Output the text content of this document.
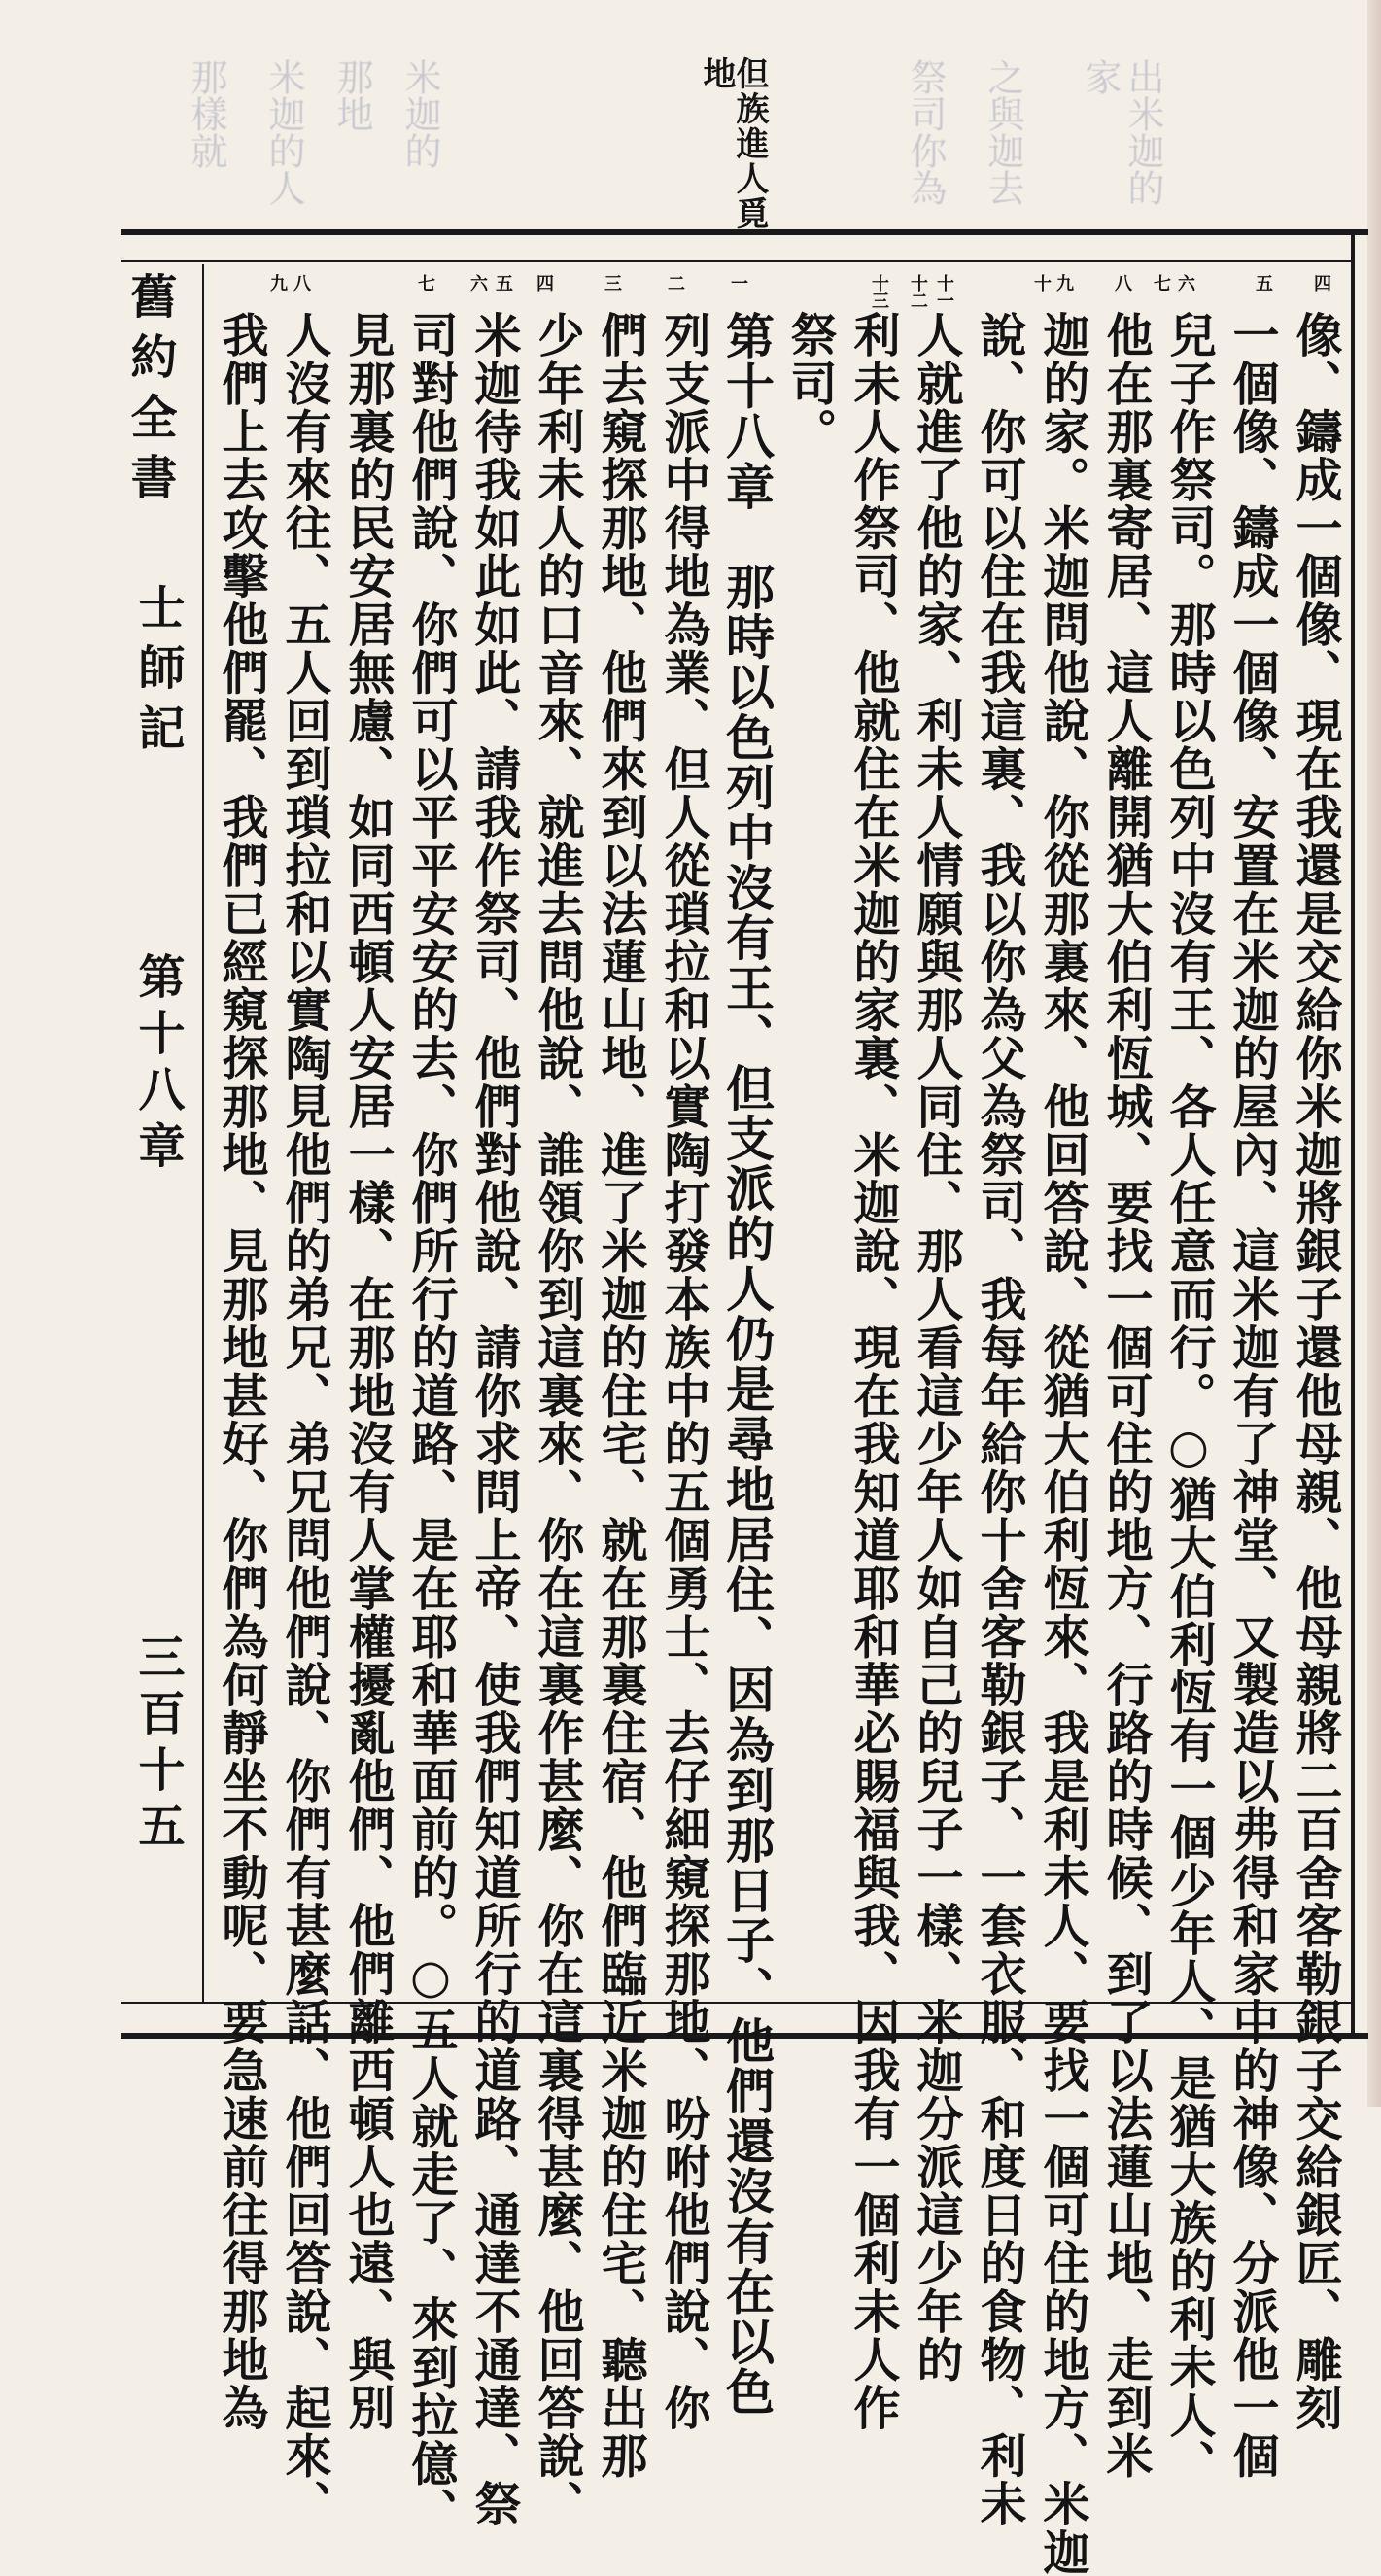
出米迦的家
之與迦去
祭司你為
米迦的
那地
米迦的人
那樣就	但族進人覓
地
舊約全書
士師記
第十八章
三百十五
四
五
六
七
八
九
十
十一
十二
十三
一
二
三
四
五
六
七
八
九
像、鑄成一個像、現在我還是交給你米迦將銀子還他母親、他母親將二百舍客勒銀子交給銀匠、雕刻
一個像、鑄成一個像、安置在米迦的屋內、這米迦有了神堂、又製造以弗得和家中的神像、分派他一個
兒子作祭司。那時以色列中沒有王、各人任意而行。○猶大伯利恆有一個少年人、是猶大族的利未人、
他在那裏寄居、這人離開猶大伯利恆城、要找一個可住的地方、行路的時候、到了以法蓮山地、走到米
迦的家。米迦問他說、你從那裏來、他回答說、從猶大伯利恆來、我是利未人、要找一個可住的地方、米迦
說、你可以住在我這裏、我以你為父為祭司、我每年給你十舍客勒銀子、一套衣服、和度日的食物、利未
人就進了他的家、利未人情願與那人同住、那人看這少年人如自己的兒子一樣、米迦分派這少年的
利未人作祭司、他就住在米迦的家裏、米迦說、現在我知道耶和華必賜福與我、因我有一個利未人作
祭司。
第十八章　那時以色列中沒有王、但支派的人仍是尋地居住、因為到那日子、他們還沒有在以色
列支派中得地為業、但人從瑣拉和以實陶打發本族中的五個勇士、去仔細窺探那地、吩咐他們說、你
們去窺探那地、他們來到以法蓮山地、進了米迦的住宅、就在那裏住宿、他們臨近米迦的住宅、聽出那
少年利未人的口音來、就進去問他說、誰領你到這裏來、你在這裏作甚麼、你在這裏得甚麼、他回答說、
米迦待我如此如此、請我作祭司、他們對他說、請你求問上帝、使我們知道所行的道路、通達不通達、祭
司對他們說、你們可以平平安安的去、你們所行的道路、是在耶和華面前的。○五人就走了、來到拉億、
見那裏的民安居無慮、如同西頓人安居一樣、在那地沒有人掌權擾亂他們、他們離西頓人也遠、與別
人沒有來往、五人回到瑣拉和以實陶見他們的弟兄、弟兄問他們說、你們有甚麼話、他們回答說、起來、
我們上去攻擊他們罷、我們已經窺探那地、見那地甚好、你們為何靜坐不動呢、要急速前往得那地為
